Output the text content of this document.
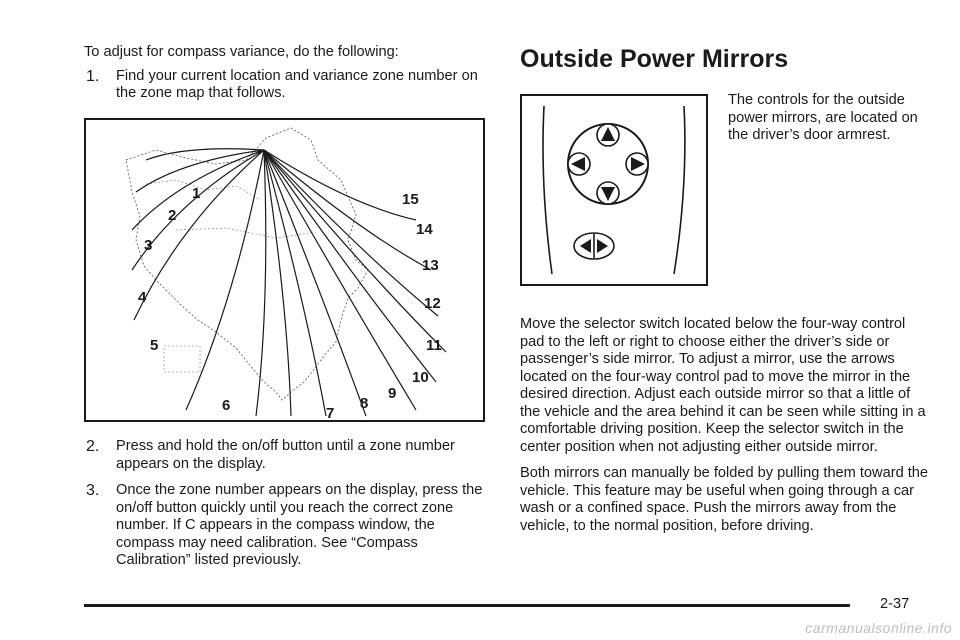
To adjust for compass variance, do the following:

1. Find your current location and variance zone number on the zone map that follows.

1
2
3
4
5
6	7
8
9
10
11
12
13
14
15
2. Press and hold the on/off button until a zone number appears on the display.

3. Once the zone number appears on the display, press the on/off button quickly until you reach the correct zone number. If C appears in the compass window, the compass may need calibration. See “Compass Calibration” listed previously.

Outside Power Mirrors

The controls for the outside power mirrors, are located on the driver’s door armrest.

Move the selector switch located below the four-way control pad to the left or right to choose either the driver’s side or passenger’s side mirror. To adjust a mirror, use the arrows located on the four-way control pad to move the mirror in the desired direction. Adjust each outside mirror so that a little of the vehicle and the area behind it can be seen while sitting in a comfortable driving position. Keep the selector switch in the center position when not adjusting either outside mirror.

Both mirrors can manually be folded by pulling them toward the vehicle. This feature may be useful when going through a car wash or a confined space. Push the mirrors away from the vehicle, to the normal position, before driving.

2-37
carmanualsonline.info
